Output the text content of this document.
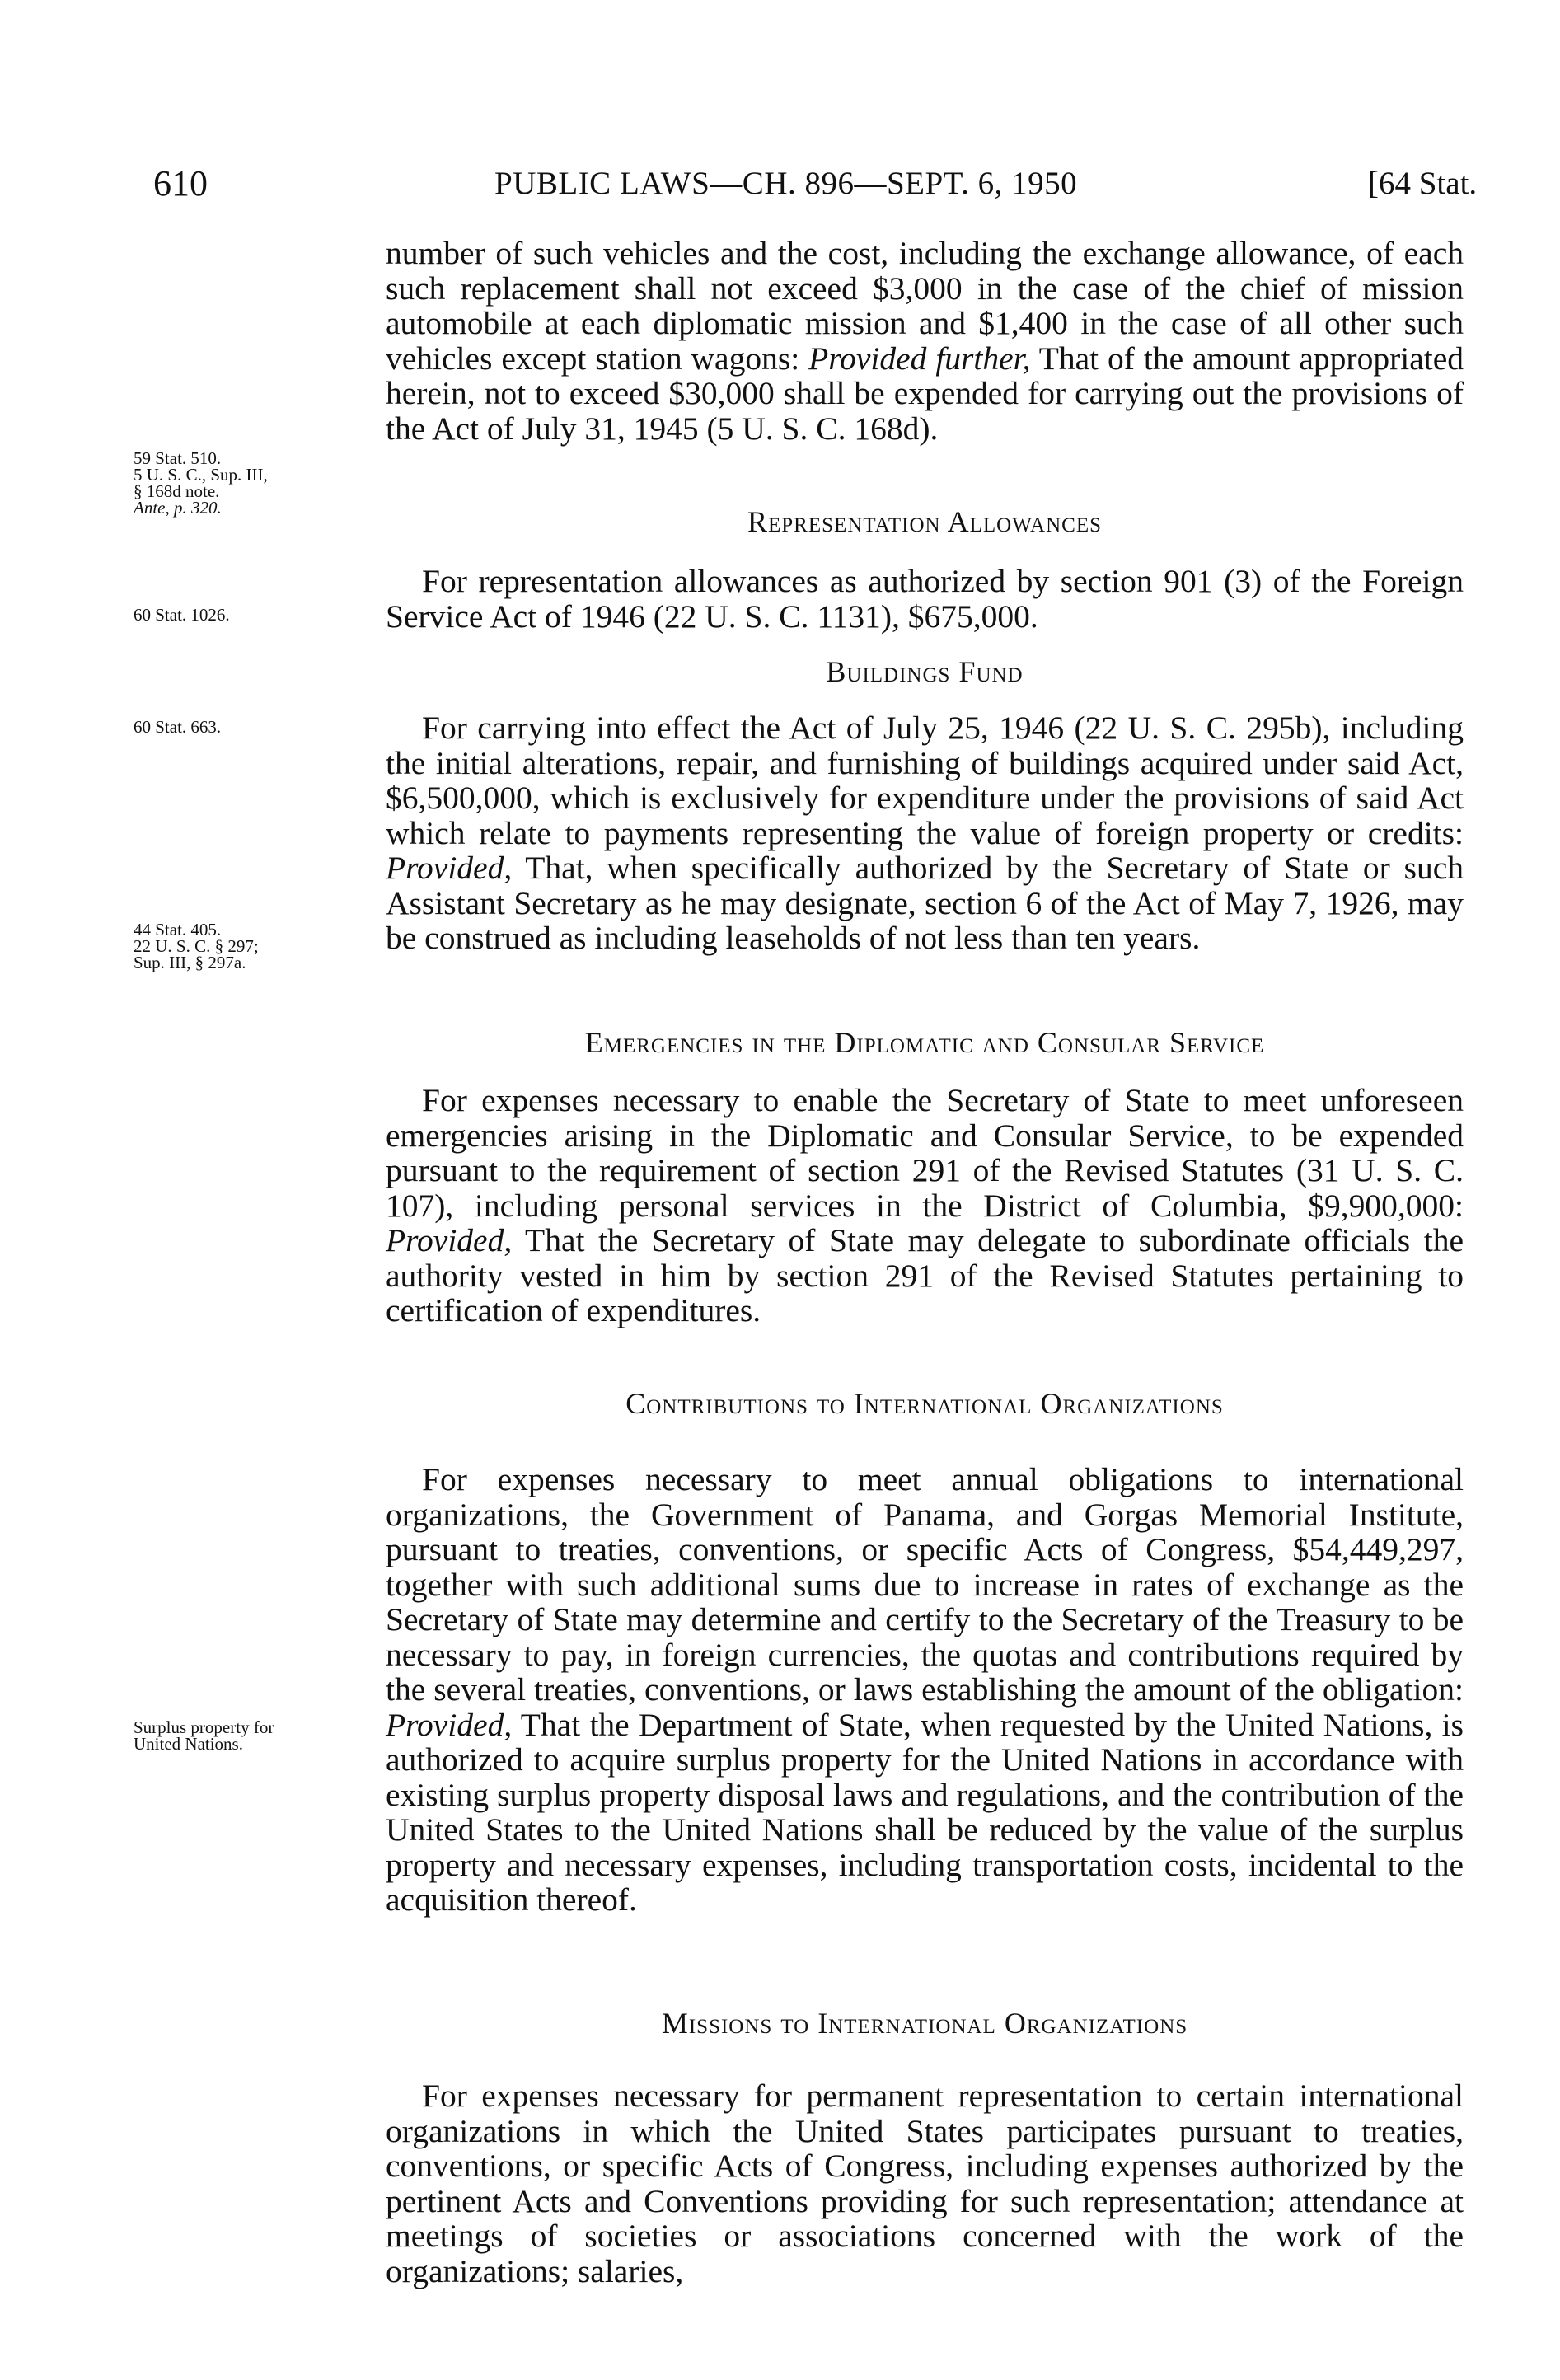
610	PUBLIC LAWS—CH. 896—SEPT. 6, 1950	[64 Stat.
59 Stat. 510.
5 U. S. C., Sup. III,
§ 168d note.
Ante, p. 320.
60 Stat. 1026.
60 Stat. 663.
44 Stat. 405.
22 U. S. C. § 297;
Sup. III, § 297a.
Surplus property for
United Nations.

number of such vehicles and the cost, including the exchange allowance, of each such replacement shall not exceed $3,000 in the case of the chief of mission automobile at each diplomatic mission and $1,400 in the case of all other such vehicles except station wagons: Provided further, That of the amount appropriated herein, not to exceed $30,000 shall be expended for carrying out the provisions of the Act of July 31, 1945 (5 U. S. C. 168d).

Representation Allowances

For representation allowances as authorized by section 901 (3) of the Foreign Service Act of 1946 (22 U. S. C. 1131), $675,000.

Buildings Fund

For carrying into effect the Act of July 25, 1946 (22 U. S. C. 295b), including the initial alterations, repair, and furnishing of buildings acquired under said Act, $6,500,000, which is exclusively for expenditure under the provisions of said Act which relate to payments representing the value of foreign property or credits: Provided, That, when specifically authorized by the Secretary of State or such Assistant Secretary as he may designate, section 6 of the Act of May 7, 1926, may be construed as including leaseholds of not less than ten years.

Emergencies in the Diplomatic and Consular Service

For expenses necessary to enable the Secretary of State to meet unforeseen emergencies arising in the Diplomatic and Consular Service, to be expended pursuant to the requirement of section 291 of the Revised Statutes (31 U. S. C. 107), including personal services in the District of Columbia, $9,900,000: Provided, That the Secretary of State may delegate to subordinate officials the authority vested in him by section 291 of the Revised Statutes pertaining to certification of expenditures.

Contributions to International Organizations

For expenses necessary to meet annual obligations to international organizations, the Government of Panama, and Gorgas Memorial Institute, pursuant to treaties, conventions, or specific Acts of Congress, $54,449,297, together with such additional sums due to increase in rates of exchange as the Secretary of State may determine and certify to the Secretary of the Treasury to be necessary to pay, in foreign currencies, the quotas and contributions required by the several treaties, conventions, or laws establishing the amount of the obligation: Provided, That the Department of State, when requested by the United Nations, is authorized to acquire surplus property for the United Nations in accordance with existing surplus property disposal laws and regulations, and the contribution of the United States to the United Nations shall be reduced by the value of the surplus property and necessary expenses, including transportation costs, incidental to the acquisition thereof.

Missions to International Organizations

For expenses necessary for permanent representation to certain international organizations in which the United States participates pursuant to treaties, conventions, or specific Acts of Congress, including expenses authorized by the pertinent Acts and Conventions providing for such representation; attendance at meetings of societies or associations concerned with the work of the organizations; salaries,
